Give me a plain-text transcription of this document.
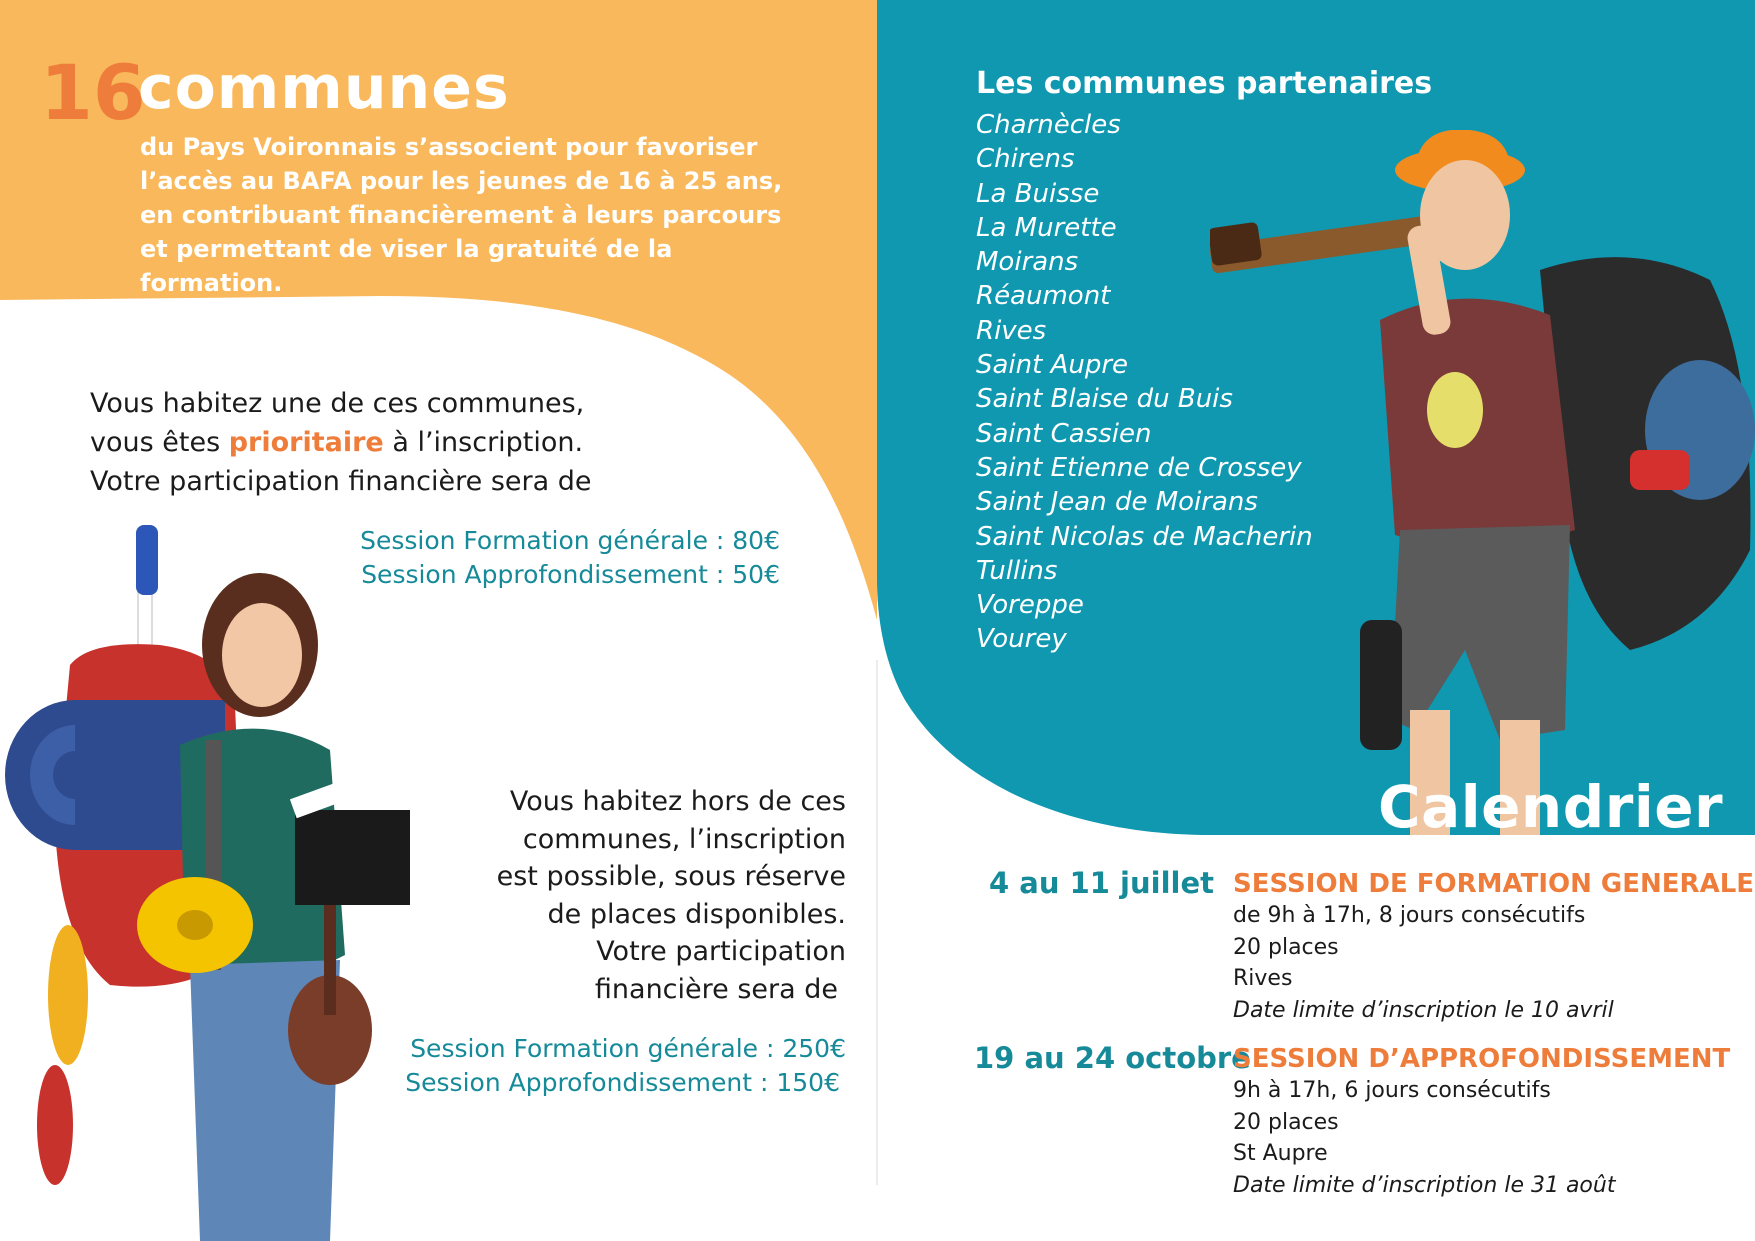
16
communes
du Pays Voironnais s’associent pour favoriser l’accès au BAFA pour les jeunes de 16 à 25 ans, en contribuant financièrement à leurs parcours et permettant de viser la gratuité de la formation.
Vous habitez une de ces communes,
vous êtes prioritaire à l’inscription.
Votre participation financière sera de
Session Formation générale : 80€
Session Approfondissement : 50€
Vous habitez hors de ces
communes, l’inscription
est possible, sous réserve
de places disponibles.
Votre participation
financière sera de
Session Formation générale : 250€
Session Approfondissement : 150€
Les communes partenaires
Charnècles
Chirens
La Buisse
La Murette
Moirans
Réaumont
Rives
Saint Aupre
Saint Blaise du Buis
Saint Cassien
Saint Etienne de Crossey
Saint Jean de Moirans
Saint Nicolas de Macherin
Tullins
Voreppe
Vourey
Calendrier
4 au 11 juillet SESSION DE FORMATION GENERALE
de 9h à 17h, 8 jours consécutifs
20 places
Rives
Date limite d’inscription le 10 avril
19 au 24 octobre
SESSION D’APPROFONDISSEMENT
9h à 17h, 6 jours consécutifs
20 places
St Aupre
Date limite d’inscription le 31 août
